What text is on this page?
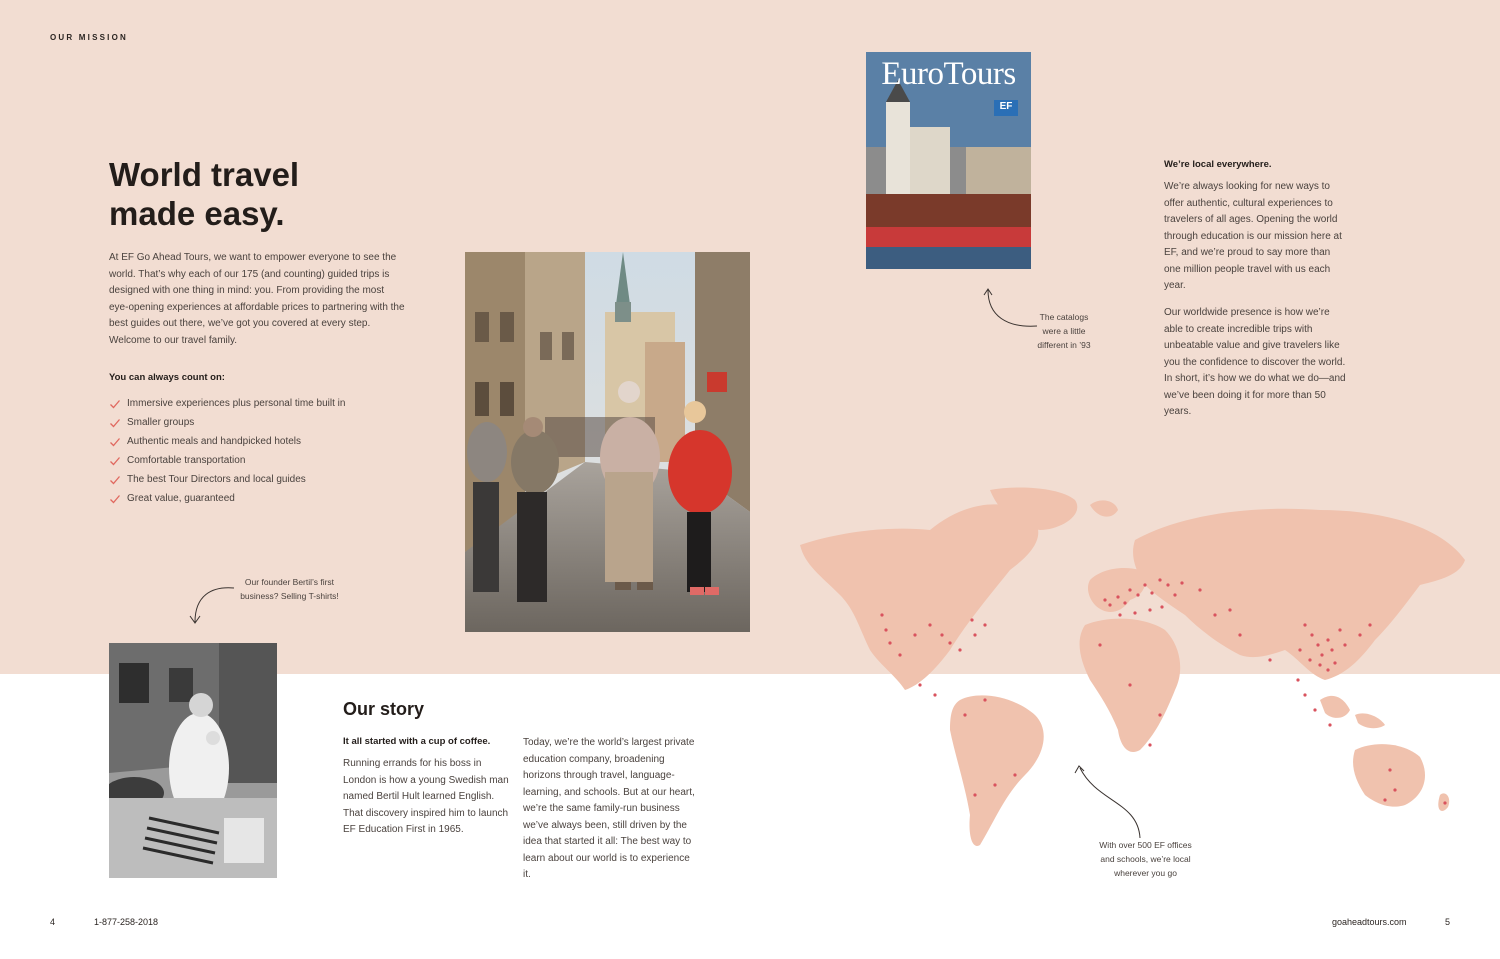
OUR MISSION
World travel
made easy.

At EF Go Ahead Tours, we want to empower everyone to see the world. That’s why each of our 175 (and counting) guided trips is designed with one thing in mind: you. From providing the most eye-opening experiences at affordable prices to partnering with the best guides out there, we’ve got you covered at every step. Welcome to our travel family.

You can always count on:
Immersive experiences plus personal time built in
Smaller groups
Authentic meals and handpicked hotels
Comfortable transportation
The best Tour Directors and local guides
Great value, guaranteed
EuroTours
EF
The catalogs
were a little
different in ’93
We’re local everywhere.

We’re always looking for new ways to offer authentic, cultural experiences to travelers of all ages. Opening the world through education is our mission here at EF, and we’re proud to say more than one million people travel with us each year.

Our worldwide presence is how we’re able to create incredible trips with unbeatable value and give travelers like you the confidence to discover the world. In short, it’s how we do what we do—and we’ve been doing it for more than 50 years.

With over 500 EF offices
and schools, we’re local
wherever you go
Our founder Bertil’s first
business? Selling T-shirts!
Our story
It all started with a cup of coffee.

Running errands for his boss in London is how a young Swedish man named Bertil Hult learned English. That discovery inspired him to launch EF Education First in 1965.

Today, we’re the world’s largest private education company, broadening horizons through travel, language-learning, and schools. But at our heart, we’re the same family-run business we’ve always been, still driven by the idea that started it all: The best way to learn about our world is to experience it.

4	1-877-258-2018	goaheadtours.com	5
